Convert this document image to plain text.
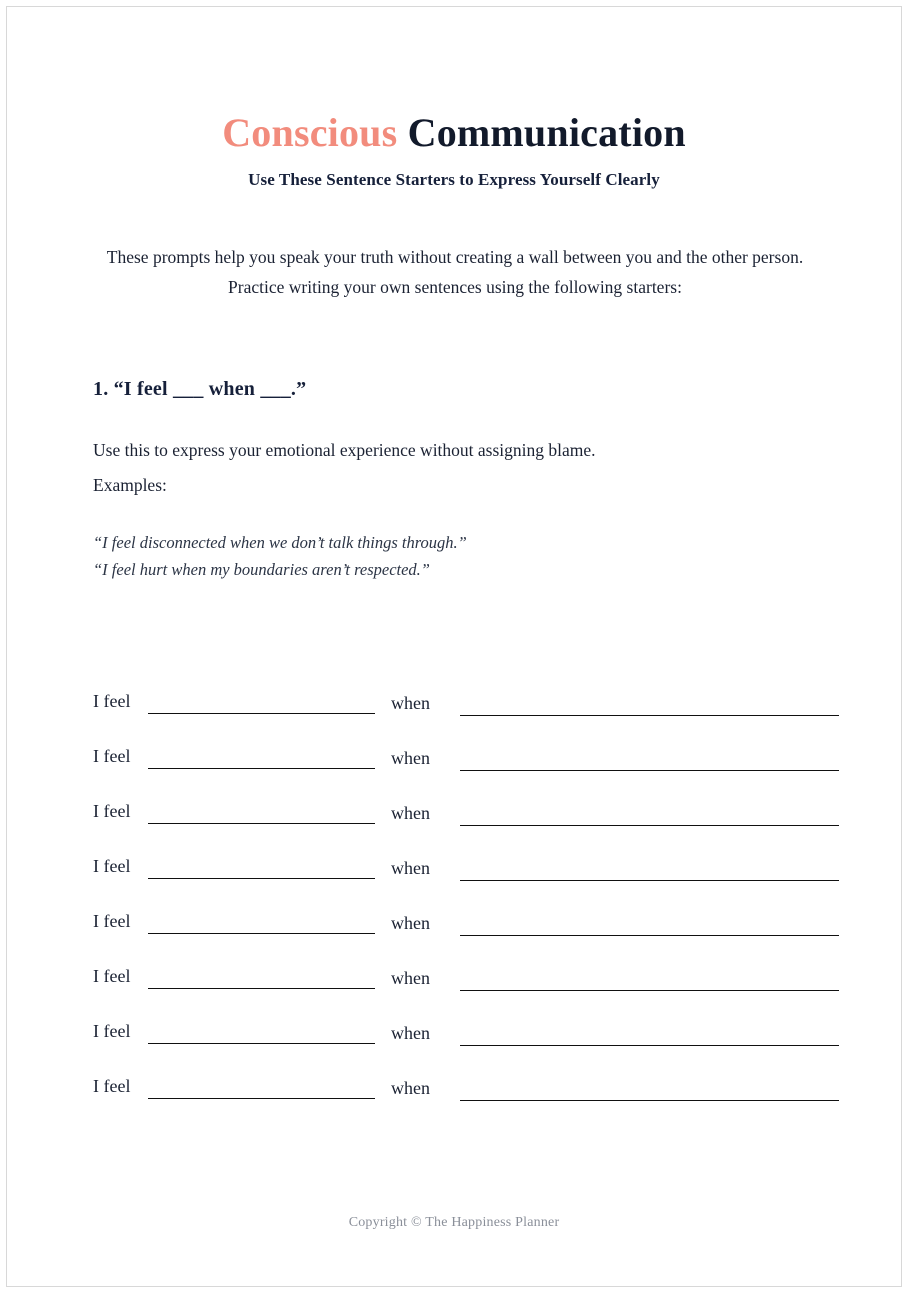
Conscious Communication
Use These Sentence Starters to Express Yourself Clearly

These prompts help you speak your truth without creating a wall between you and the other person. Practice writing your own sentences using the following starters:

1. “I feel ___ when ___.”

Use this to express your emotional experience without assigning blame.

Examples:
“I feel disconnected when we don’t talk things through.”
“I feel hurt when my boundaries aren’t respected.”
I feel	when
I feel	when
I feel	when
I feel	when
I feel	when
I feel	when
I feel	when
I feel	when
Copyright © The Happiness Planner
